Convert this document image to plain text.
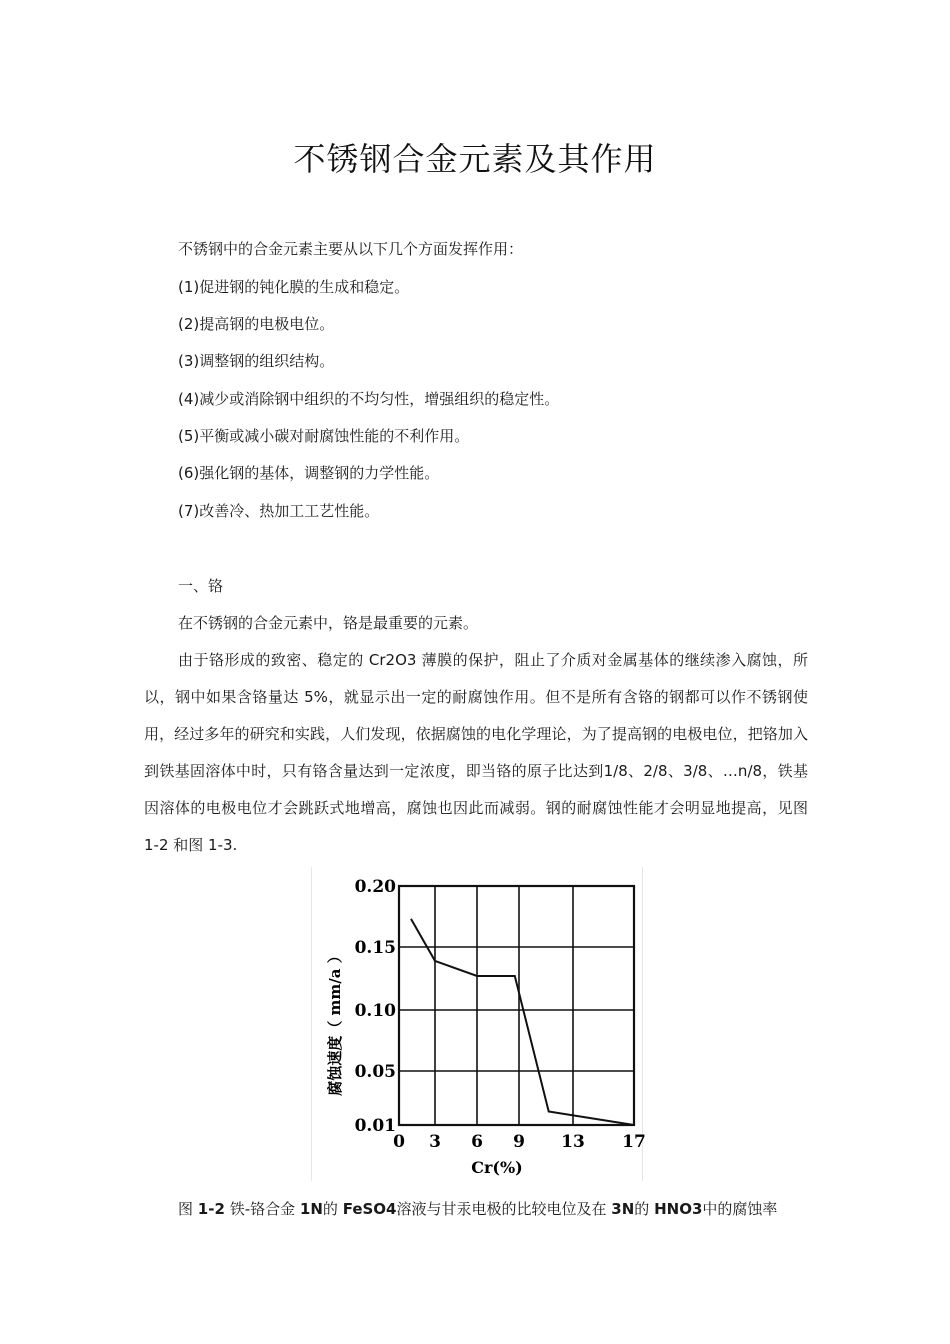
不锈钢合金元素及其作用
不锈钢中的合金元素主要从以下几个方面发挥作用：
(1)促进钢的钝化膜的生成和稳定。
(2)提高钢的电极电位。
(3)调整钢的组织结构。
(4)减少或消除钢中组织的不均匀性，增强组织的稳定性。
(5)平衡或减小碳对耐腐蚀性能的不利作用。
(6)强化钢的基体，调整钢的力学性能。
(7)改善冷、热加工工艺性能。
一、铬
在不锈钢的合金元素中，铬是最重要的元素。
由于铬形成的致密、稳定的 Cr2O3 薄膜的保护，阻止了介质对金属基体的继续渗入腐蚀，所以，钢中如果含铬量达 5%，就显示出一定的耐腐蚀作用。但不是所有含铬的钢都可以作不锈钢使用，经过多年的研究和实践，人们发现，依据腐蚀的电化学理论，为了提高钢的电极电位，把铬加入到铁基固溶体中时，只有铬含量达到一定浓度，即当铬的原子比达到1/8、2/8、3/8、…n/8，铁基因溶体的电极电位才会跳跃式地增高，腐蚀也因此而减弱。钢的耐腐蚀性能才会明显地提高，见图 1-2 和图 1-3.
0.20
0.15
0.10
0.05
0.01
0 3 6 9 13 17
腐蚀速度（ mm/a ）
Cr(%)
图 1-2 铁-铬合金 1N的 FeSO4溶液与甘汞电极的比较电位及在 3N的 HNO3中的腐蚀率
